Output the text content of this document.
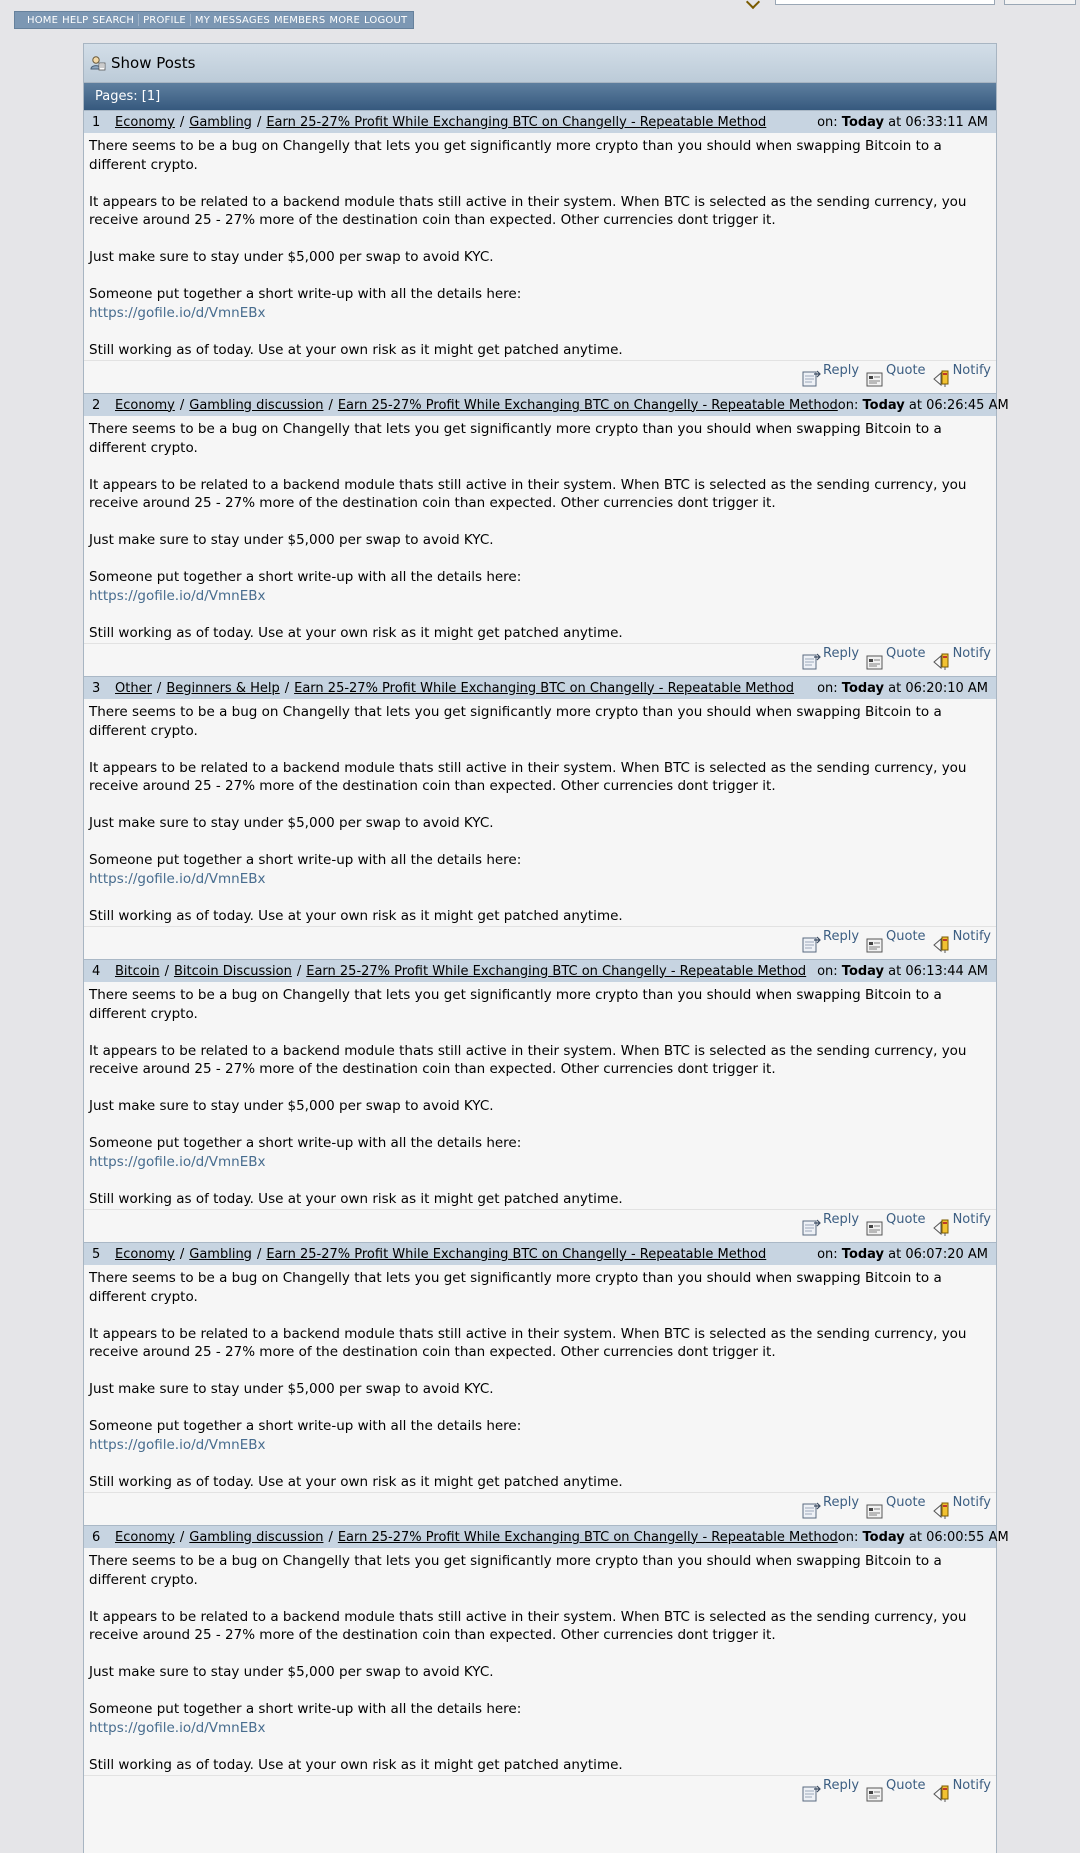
HOME HELP SEARCH PROFILE MY MESSAGES MEMBERS MORE LOGOUT
Show Posts
Pages: [1]
1	Economy / Gambling / Earn 25-27% Profit While Exchanging BTC on Changelly - Repeatable Method	on: Today at 06:33:11 AM

There seems to be a bug on Changelly that lets you get significantly more crypto than you should when swapping Bitcoin to a different crypto.

It appears to be related to a backend module thats still active in their system. When BTC is selected as the sending currency, you receive around 25 - 27% more of the destination coin than expected. Other currencies dont trigger it.

Just make sure to stay under $5,000 per swap to avoid KYC.

Someone put together a short write-up with all the details here:
https://gofile.io/d/VmnEBx

Still working as of today. Use at your own risk as it might get patched anytime.

Reply Quote Notify
2	Economy / Gambling discussion / Earn 25-27% Profit While Exchanging BTC on Changelly - Repeatable Method on: Today at 06:26:45 AM

There seems to be a bug on Changelly that lets you get significantly more crypto than you should when swapping Bitcoin to a different crypto.

It appears to be related to a backend module thats still active in their system. When BTC is selected as the sending currency, you receive around 25 - 27% more of the destination coin than expected. Other currencies dont trigger it.

Just make sure to stay under $5,000 per swap to avoid KYC.

Someone put together a short write-up with all the details here:
https://gofile.io/d/VmnEBx

Still working as of today. Use at your own risk as it might get patched anytime.

Reply Quote Notify
3	Other / Beginners & Help / Earn 25-27% Profit While Exchanging BTC on Changelly - Repeatable Method on: Today at 06:20:10 AM

There seems to be a bug on Changelly that lets you get significantly more crypto than you should when swapping Bitcoin to a different crypto.

It appears to be related to a backend module thats still active in their system. When BTC is selected as the sending currency, you receive around 25 - 27% more of the destination coin than expected. Other currencies dont trigger it.

Just make sure to stay under $5,000 per swap to avoid KYC.

Someone put together a short write-up with all the details here:
https://gofile.io/d/VmnEBx

Still working as of today. Use at your own risk as it might get patched anytime.

Reply Quote Notify
4	Bitcoin / Bitcoin Discussion / Earn 25-27% Profit While Exchanging BTC on Changelly - Repeatable Method on: Today at 06:13:44 AM

There seems to be a bug on Changelly that lets you get significantly more crypto than you should when swapping Bitcoin to a different crypto.

It appears to be related to a backend module thats still active in their system. When BTC is selected as the sending currency, you receive around 25 - 27% more of the destination coin than expected. Other currencies dont trigger it.

Just make sure to stay under $5,000 per swap to avoid KYC.

Someone put together a short write-up with all the details here:
https://gofile.io/d/VmnEBx

Still working as of today. Use at your own risk as it might get patched anytime.

Reply Quote Notify
5	Economy / Gambling / Earn 25-27% Profit While Exchanging BTC on Changelly - Repeatable Method	on: Today at 06:07:20 AM

There seems to be a bug on Changelly that lets you get significantly more crypto than you should when swapping Bitcoin to a different crypto.

It appears to be related to a backend module thats still active in their system. When BTC is selected as the sending currency, you receive around 25 - 27% more of the destination coin than expected. Other currencies dont trigger it.

Just make sure to stay under $5,000 per swap to avoid KYC.

Someone put together a short write-up with all the details here:
https://gofile.io/d/VmnEBx

Still working as of today. Use at your own risk as it might get patched anytime.

Reply Quote Notify
6	Economy / Gambling discussion / Earn 25-27% Profit While Exchanging BTC on Changelly - Repeatable Method on: Today at 06:00:55 AM

There seems to be a bug on Changelly that lets you get significantly more crypto than you should when swapping Bitcoin to a different crypto.

It appears to be related to a backend module thats still active in their system. When BTC is selected as the sending currency, you receive around 25 - 27% more of the destination coin than expected. Other currencies dont trigger it.

Just make sure to stay under $5,000 per swap to avoid KYC.

Someone put together a short write-up with all the details here:
https://gofile.io/d/VmnEBx

Still working as of today. Use at your own risk as it might get patched anytime.

Reply Quote Notify
